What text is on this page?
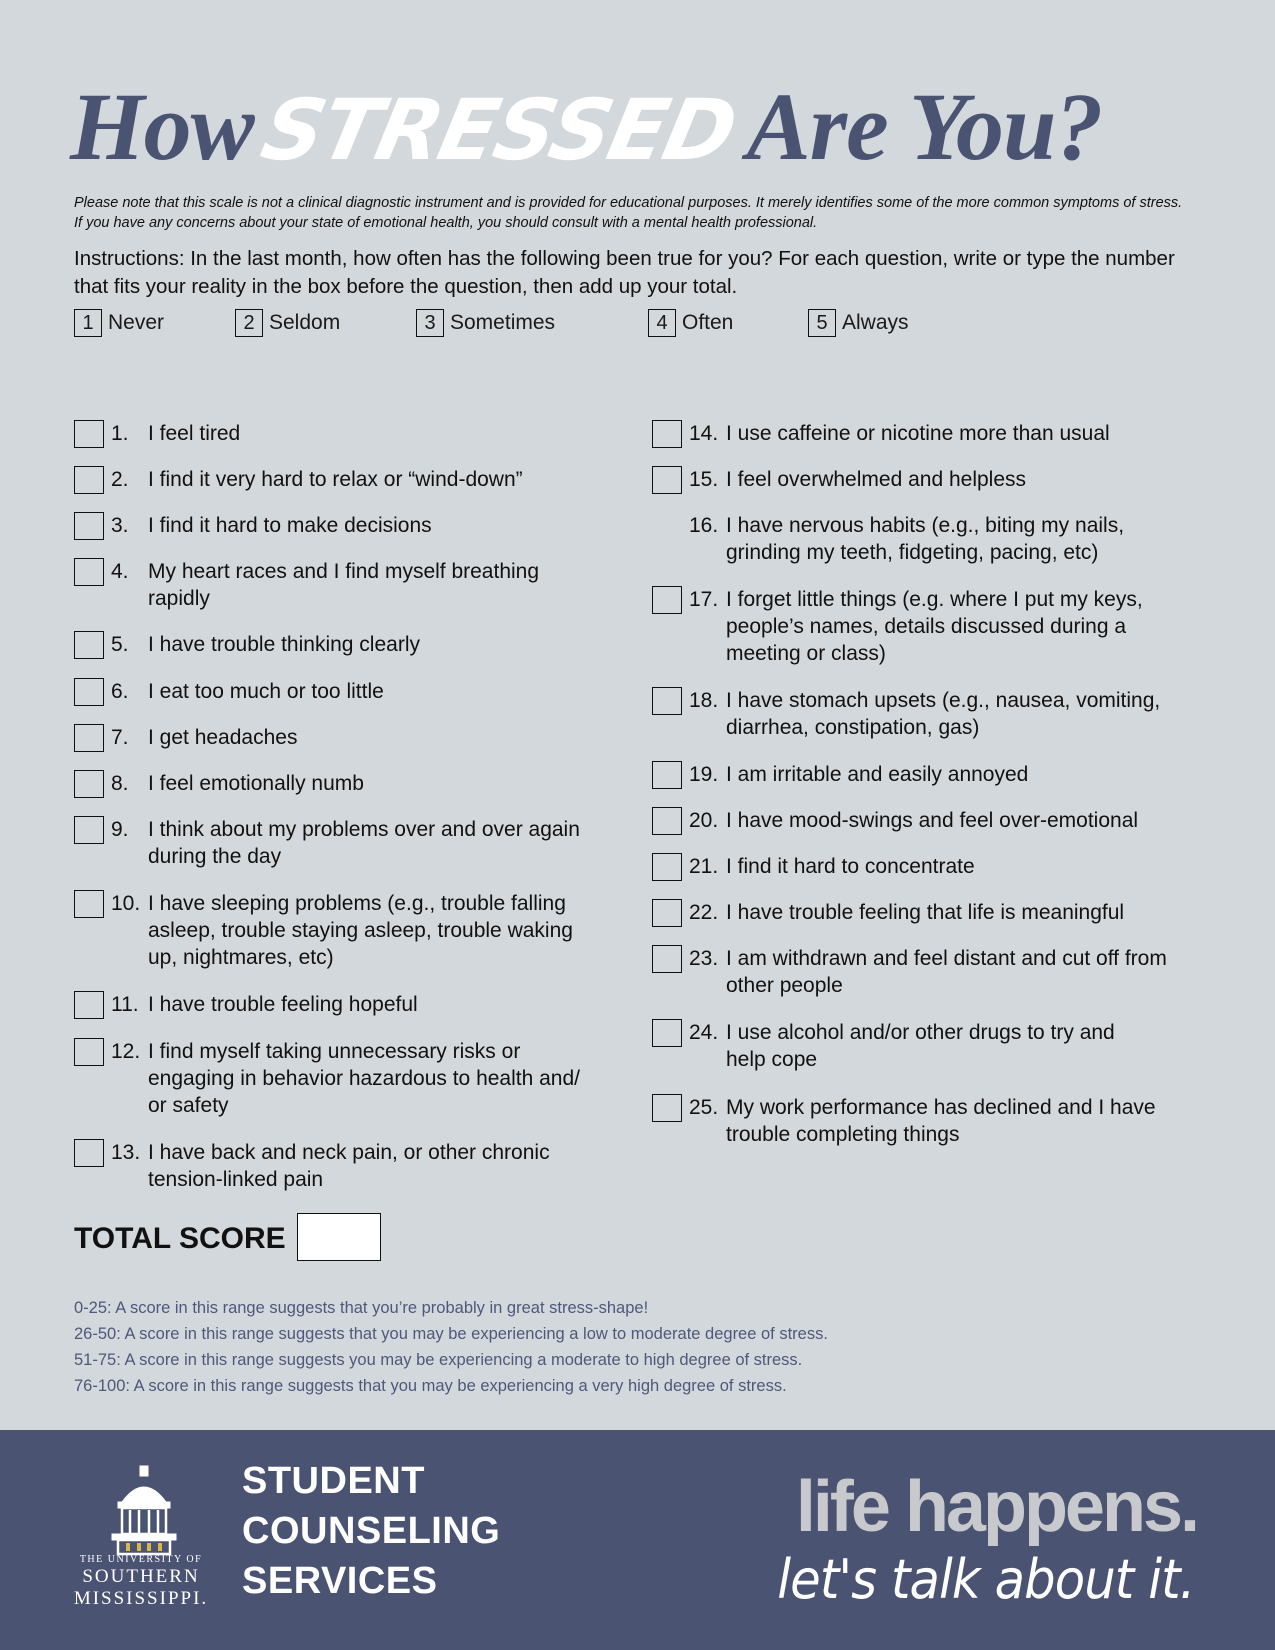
HowSTRESSEDAre You?
Please note that this scale is not a clinical diagnostic instrument and is provided for educational purposes. It merely identifies some of the more common symptoms of stress. If you have any concerns about your state of emotional health, you should consult with a mental health professional.
Instructions: In the last month, how often has the following been true for you? For each question, write or type the number that fits your reality in the box before the question, then add up your total.
1 Never	2 Seldom	3 Sometimes	4 Often	5 Always
1. I feel tired
2. I find it very hard to relax or “wind-down”
3. I find it hard to make decisions
4. My heart races and I find myself breathing
rapidly
5. I have trouble thinking clearly
6. I eat too much or too little
7. I get headaches
8. I feel emotionally numb
9. I think about my problems over and over again
during the day
10. I have sleeping problems (e.g., trouble falling
asleep, trouble staying asleep, trouble waking
up, nightmares, etc)
11. I have trouble feeling hopeful
12. I find myself taking unnecessary risks or
engaging in behavior hazardous to health and/
or safety
13. I have back and neck pain, or other chronic
tension-linked pain
14. I use caffeine or nicotine more than usual
15. I feel overwhelmed and helpless
16. I have nervous habits (e.g., biting my nails,
grinding my teeth, fidgeting, pacing, etc)
17. I forget little things (e.g. where I put my keys,
people’s names, details discussed during a
meeting or class)
18. I have stomach upsets (e.g., nausea, vomiting,
diarrhea, constipation, gas)
19. I am irritable and easily annoyed
20. I have mood-swings and feel over-emotional
21. I find it hard to concentrate
22. I have trouble feeling that life is meaningful
23. I am withdrawn and feel distant and cut off from
other people
24. I use alcohol and/or other drugs to try and
help cope
25. My work performance has declined and I have
trouble completing things
TOTAL SCORE
0-25: A score in this range suggests that you’re probably in great stress-shape!
26-50: A score in this range suggests that you may be experiencing a low to moderate degree of stress.
51-75: A score in this range suggests you may be experiencing a moderate to high degree of stress.
76-100: A score in this range suggests that you may be experiencing a very high degree of stress.
THE UNIVERSITY OF
SOUTHERN
MISSISSIPPI.
STUDENT
COUNSELING
SERVICES
life happens.
let's talk about it.
